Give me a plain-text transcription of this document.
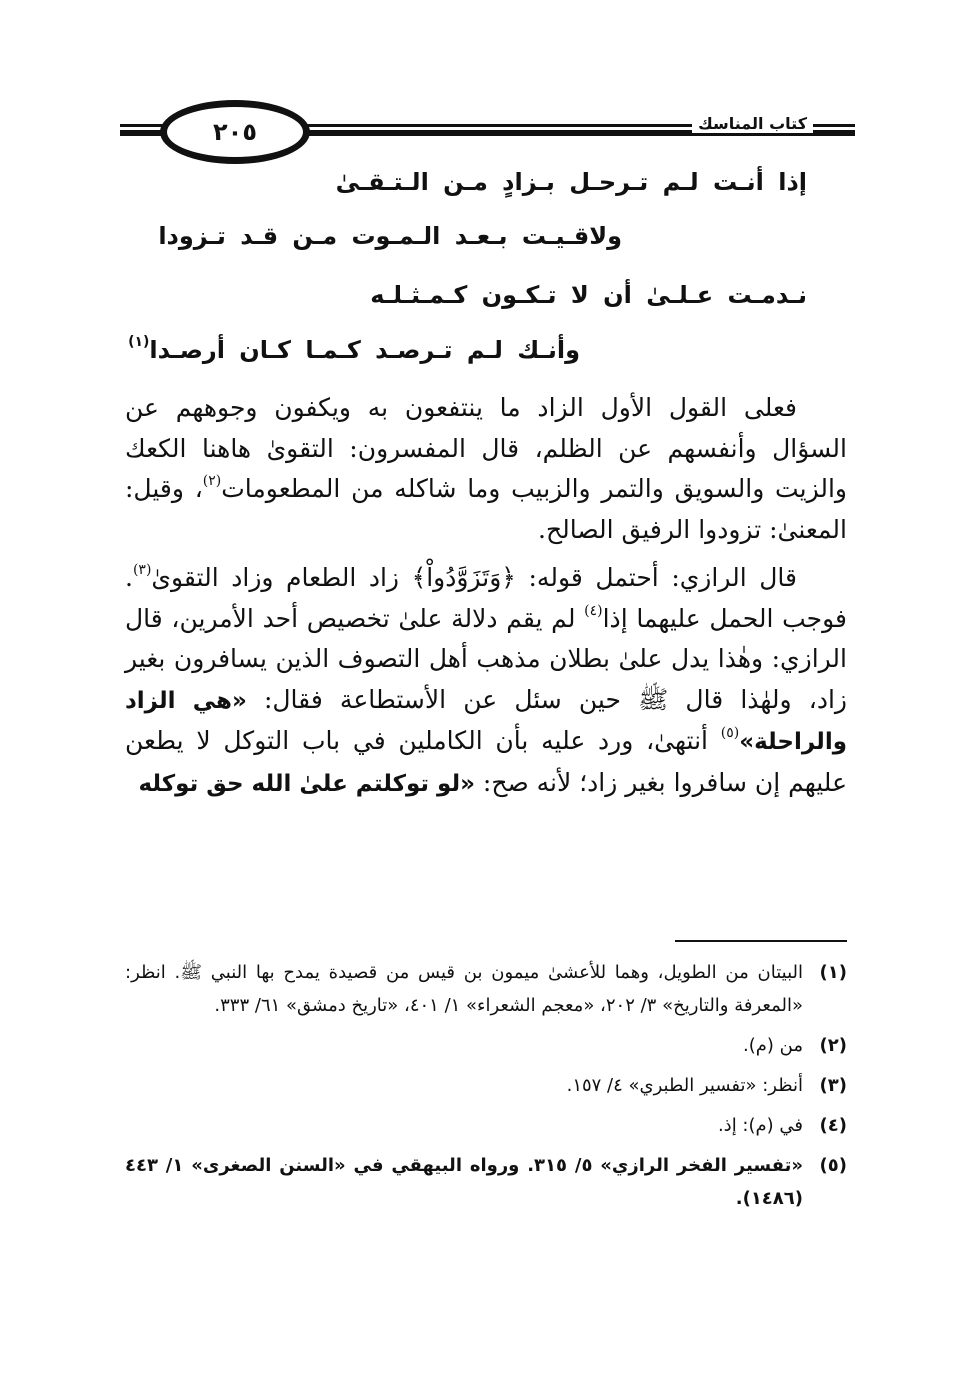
٢٠٥	كتاب المناسك
إذا أنـت لـم تـرحـل بـزادٍ مـن الـتـقـىٰ
ولاقـيـت بـعـد الـمـوت مـن قـد تـزودا
نـدمـت عـلـىٰ أن لا تـكـون كـمـثـلـه
وأنـك لـم تـرصـد كـمـا كـان أرصـدا$^{(١)}$

فعلى القول الأول الزاد ما ينتفعون به ويكفون وجوههم عن السؤال وأنفسهم عن الظلم، قال المفسرون: التقوىٰ هاهنا الكعك والزيت والسويق والتمر والزبيب وما شاكله من المطعومات$^{(٢)}$، وقيل: المعنىٰ: تزودوا الرفيق الصالح.

قال الرازي: أحتمل قوله: ﴿وَتَزَوَّدُواْ﴾ زاد الطعام وزاد التقوىٰ$^{(٣)}$. فوجب الحمل عليهما إذا$^{(٤)}$ لم يقم دلالة علىٰ تخصيص أحد الأمرين، قال الرازي: وهٰذا يدل علىٰ بطلان مذهب أهل التصوف الذين يسافرون بغير زاد، ولهٰذا قال ﷺ حين سئل عن الأستطاعة فقال: «هي الزاد والراحلة»$^{(٥)}$ أنتهىٰ، ورد عليه بأن الكاملين في باب التوكل لا يطعن عليهم إن سافروا بغير زاد؛ لأنه صح: «لو توكلتم علىٰ الله حق توكله

(١)
البيتان من الطويل، وهما للأعشىٰ ميمون بن قيس من قصيدة يمدح بها النبي ﷺ. انظر: «المعرفة والتاريخ» ٣/ ٢٠٢، «معجم الشعراء» ١/ ٤٠١، «تاريخ دمشق» ٦١/ ٣٣٣.
(٢)
من (م).
(٣)
أنظر: «تفسير الطبري» ٤/ ١٥٧.
(٤)
في (م): إذ.
(٥)
«تفسير الفخر الرازي» ٥/ ٣١٥. ورواه البيهقي في «السنن الصغرى» ١/ ٤٤٣ (١٤٨٦).
